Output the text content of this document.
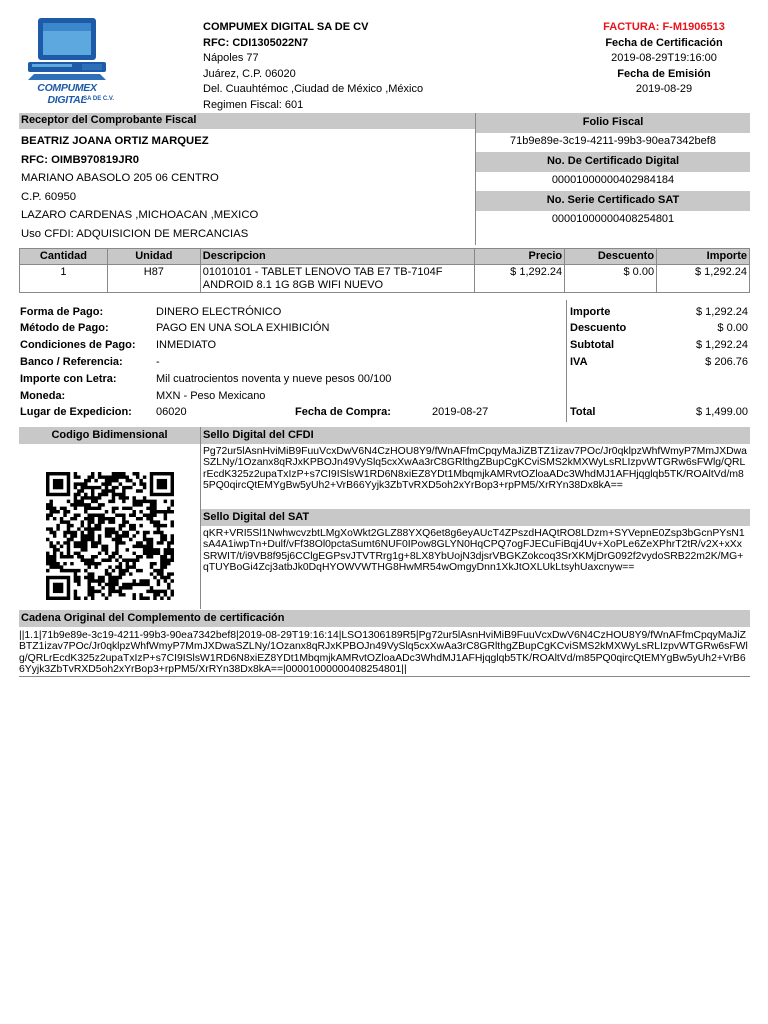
COMPUMEX DIGITAL
SA DE C.V.
COMPUMEX DIGITAL SA DE CV
RFC: CDI1305022N7
Nápoles 77
Juárez, C.P. 06020
Del. Cuauhtémoc ,Ciudad de México ,México
Regimen Fiscal: 601
FACTURA: F-M1906513
Fecha de Certificación
2019-08-29T19:16:00
Fecha de Emisión
2019-08-29
Receptor del Comprobante Fiscal
BEATRIZ JOANA ORTIZ MARQUEZ
RFC: OIMB970819JR0
MARIANO ABASOLO 205 06 CENTRO
C.P. 60950
LAZARO CARDENAS ,MICHOACAN ,MEXICO
Uso CFDI: ADQUISICION DE MERCANCIAS
Folio Fiscal
71b9e89e-3c19-4211-99b3-90ea7342bef8
No. De Certificado Digital
00001000000402984184
No. Serie Certificado SAT
00001000000408254801
Cantidad	Unidad	Descripcion	Precio	Descuento	Importe
1	H87	01010101 - TABLET LENOVO TAB E7 TB-7104F
ANDROID 8.1 1G 8GB WIFI NUEVO	$ 1,292.24	$ 0.00	$ 1,292.24
Forma de Pago:	DINERO ELECTRÓNICO
Método de Pago:	PAGO EN UNA SOLA EXHIBICIÓN
Condiciones de Pago: INMEDIATO
Banco / Referencia:	-
Importe con Letra:	Mil cuatrocientos noventa y nueve pesos 00/100
Moneda:	MXN - Peso Mexicano
Lugar de Expedicion: 06020	Fecha de Compra:	2019-08-27
Importe	$ 1,292.24
Descuento	$ 0.00
Subtotal	$ 1,292.24
IVA	$ 206.76
Total	$ 1,499.00
Codigo Bidimensional	Sello Digital del CFDI
Pg72ur5lAsnHviMiB9FuuVcxDwV6N4CzHOU8Y9/fWnAFfmCpqyMaJiZBTZ1izav7POc/Jr0qklpzWhfWmyP7MmJXDwaSZLNy/1Ozanx8qRJxKPBOJn49VySlq5cxXwAa3rC8GRlthgZBupCgKCviSMS2kMXWyLsRLIzpvWTGRw6sFWlg/QRLrEcdK325z2upaTxIzP+s7CI9ISlsW1RD6N8xiEZ8YDt1MbqmjkAMRvtOZloaADc3WhdMJ1AFHjqglqb5TK/ROAltVd/m85PQ0qircQtEMYgBw5yUh2+VrB66Yyjk3ZbTvRXD5oh2xYrBop3+rpPM5/XrRYn38Dx8kA==
Sello Digital del SAT
qKR+VRI5Sl1NwhwcvzbtLMgXoWkt2GLZ88YXQ6et8g6eyAUcT4ZPszdHAQtRO8LDzm+SYVepnE0Zsp3bGcnPYsN1sA4A1iwpTn+Dulf/vFf38Ol0pctaSumt6NUF0IPow8GLYN0HqCPQ7ogFJECuFiBqj4Uv+XoPLe6ZeXPhrT2tR/v2X+xXxSRWIT/t/i9VB8f95j6CClgEGPsvJTVTRrg1g+8LX8YbUojN3djsrVBGKZokcoq3SrXKMjDrG092f2vydoSRB22m2K/MG+qTUYBoGi4Zcj3atbJk0DqHYOWVWTHG8HwMR54wOmgyDnn1XkJtOXLUkLtsyhUaxcnyw==
Cadena Original del Complemento de certificación
||1.1|71b9e89e-3c19-4211-99b3-90ea7342bef8|2019-08-29T19:16:14|LSO1306189R5|Pg72ur5lAsnHviMiB9FuuVcxDwV6N4CzHOU8Y9/fWnAFfmCpqyMaJiZBTZ1izav7POc/Jr0qklpzWhfWmyP7MmJXDwaSZLNy/1Ozanx8qRJxKPBOJn49VySlq5cxXwAa3rC8GRlthgZBupCgKCviSMS2kMXWyLsRLIzpvWTGRw6sFWlg/QRLrEcdK325z2upaTxIzP+s7CI9ISlsW1RD6N8xiEZ8YDt1MbqmjkAMRvtOZloaADc3WhdMJ1AFHjqglqb5TK/ROAltVd/m85PQ0qircQtEMYgBw5yUh2+VrB66Yyjk3ZbTvRXD5oh2xYrBop3+rpPM5/XrRYn38Dx8kA==|00001000000408254801||
